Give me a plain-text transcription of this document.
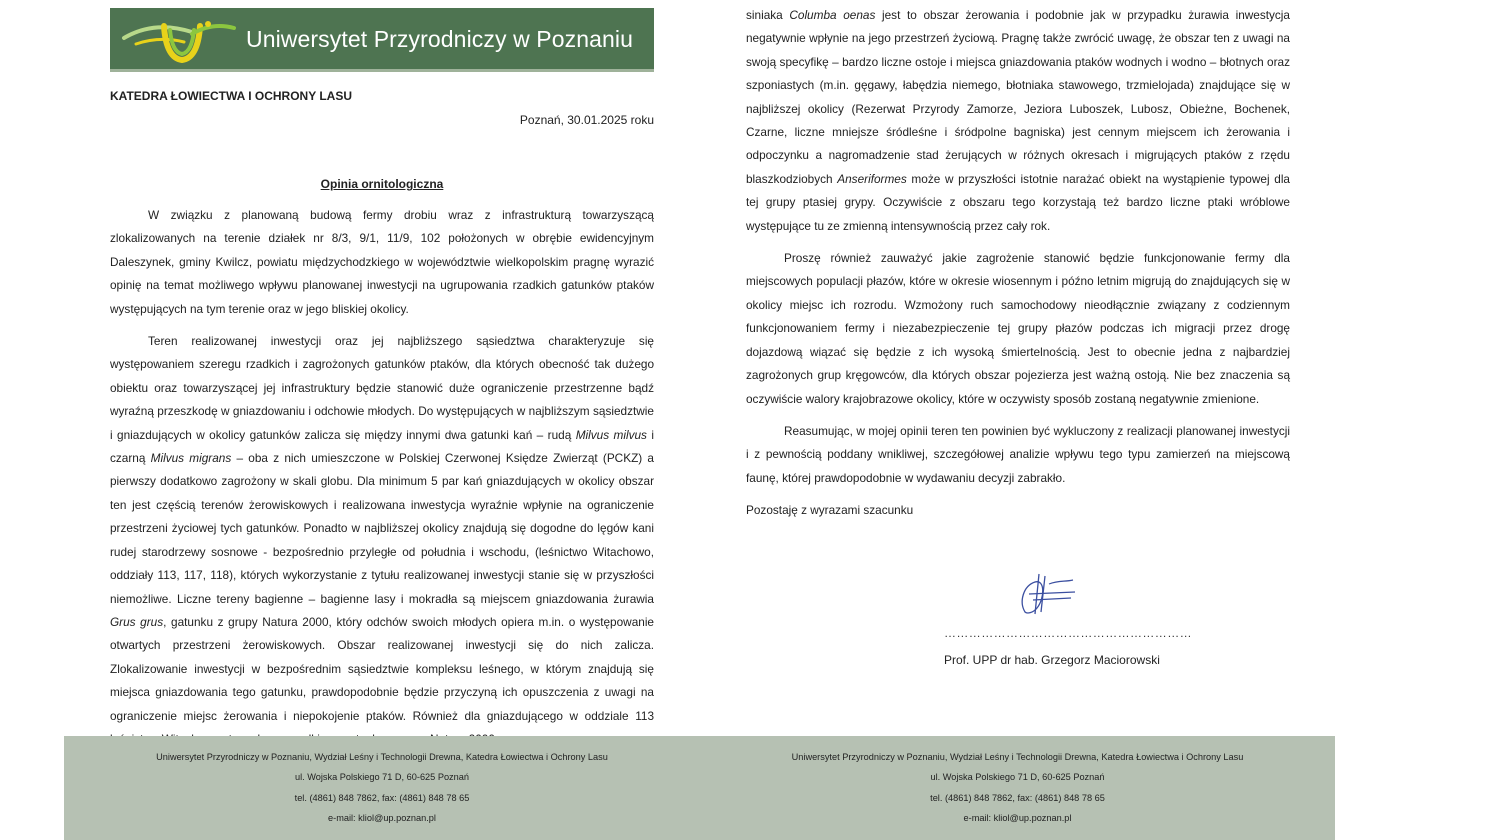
Uniwersytet Przyrodniczy w Poznaniu
KATEDRA ŁOWIECTWA I OCHRONY LASU
Poznań, 30.01.2025 roku
Opinia ornitologiczna

W związku z planowaną budową fermy drobiu wraz z infrastrukturą towarzyszącą zlokalizowanych na terenie działek nr 8/3, 9/1, 11/9, 102 położonych w obrębie ewidencyjnym Daleszynek, gminy Kwilcz, powiatu międzychodzkiego w województwie wielkopolskim pragnę wyrazić opinię na temat możliwego wpływu planowanej inwestycji na ugrupowania rzadkich gatunków ptaków występujących na tym terenie oraz w jego bliskiej okolicy.

Teren realizowanej inwestycji oraz jej najbliższego sąsiedztwa charakteryzuje się występowaniem szeregu rzadkich i zagrożonych gatunków ptaków, dla których obecność tak dużego obiektu oraz towarzyszącej jej infrastruktury będzie stanowić duże ograniczenie przestrzenne bądź wyraźną przeszkodę w gniazdowaniu i odchowie młodych. Do występujących w najbliższym sąsiedztwie i gniazdujących w okolicy gatunków zalicza się między innymi dwa gatunki kań – rudą Milvus milvus i czarną Milvus migrans – oba z nich umieszczone w Polskiej Czerwonej Księdze Zwierząt (PCKZ) a pierwszy dodatkowo zagrożony w skali globu. Dla minimum 5 par kań gniazdujących w okolicy obszar ten jest częścią terenów żerowiskowych i realizowana inwestycja wyraźnie wpłynie na ograniczenie przestrzeni życiowej tych gatunków. Ponadto w najbliższej okolicy znajdują się dogodne do lęgów kani rudej starodrzewy sosnowe - bezpośrednio przyległe od południa i wschodu, (leśnictwo Witachowo, oddziały 113, 117, 118), których wykorzystanie z tytułu realizowanej inwestycji stanie się w przyszłości niemożliwe. Liczne tereny bagienne – bagienne lasy i mokradła są miejscem gniazdowania żurawia Grus grus, gatunku z grupy Natura 2000, który odchów swoich młodych opiera m.in. o występowanie otwartych przestrzeni żerowiskowych. Obszar realizowanej inwestycji się do nich zalicza. Zlokalizowanie inwestycji w bezpośrednim sąsiedztwie kompleksu leśnego, w którym znajdują się miejsca gniazdowania tego gatunku, prawdopodobnie będzie przyczyną ich opuszczenia z uwagi na ograniczenie miejsc żerowania i niepokojenie ptaków. Również dla gniazdującego w oddziale 113

Uniwersytet Przyrodniczy w Poznaniu, Wydział Leśny i Technologii Drewna, Katedra Łowiectwa i Ochrony Lasu
ul. Wojska Polskiego 71 D, 60-625 Poznań
tel. (4861) 848 7862, fax: (4861) 848 78 65
e-mail: kliol@up.poznan.pl

siniaka Columba oenas jest to obszar żerowania i podobnie jak w przypadku żurawia inwestycja negatywnie wpłynie na jego przestrzeń życiową. Pragnę także zwrócić uwagę, że obszar ten z uwagi na swoją specyfikę – bardzo liczne ostoje i miejsca gniazdowania ptaków wodnych i wodno – błotnych oraz szponiastych (m.in. gęgawy, łabędzia niemego, błotniaka stawowego, trzmielojada) znajdujące się w najbliższej okolicy (Rezerwat Przyrody Zamorze, Jeziora Luboszek, Lubosz, Obieżne, Bochenek, Czarne, liczne mniejsze śródleśne i śródpolne bagniska) jest cennym miejscem ich żerowania i odpoczynku a nagromadzenie stad żerujących w różnych okresach i migrujących ptaków z rzędu blaszkodziobych Anseriformes może w przyszłości istotnie narażać obiekt na wystąpienie typowej dla tej grupy ptasiej grypy. Oczywiście z obszaru tego korzystają też bardzo liczne ptaki wróblowe występujące tu ze zmienną intensywnością przez cały rok.

Proszę również zauważyć jakie zagrożenie stanowić będzie funkcjonowanie fermy dla miejscowych populacji płazów, które w okresie wiosennym i późno letnim migrują do znajdujących się w okolicy miejsc ich rozrodu. Wzmożony ruch samochodowy nieodłącznie związany z codziennym funkcjonowaniem fermy i niezabezpieczenie tej grupy płazów podczas ich migracji przez drogę dojazdową wiązać się będzie z ich wysoką śmiertelnością. Jest to obecnie jedna z najbardziej zagrożonych grup kręgowców, dla których obszar pojezierza jest ważną ostoją. Nie bez znaczenia są oczywiście walory krajobrazowe okolicy, które w oczywisty sposób zostaną negatywnie zmienione.

Reasumując, w mojej opinii teren ten powinien być wykluczony z realizacji planowanej inwestycji i z pewnością poddany wnikliwej, szczegółowej analizie wpływu tego typu zamierzeń na miejscową faunę, której prawdopodobnie w wydawaniu decyzji zabrakło.

Pozostaję z wyrazami szacunku

……………………………………………………
Prof. UPP dr hab. Grzegorz Maciorowski
Uniwersytet Przyrodniczy w Poznaniu, Wydział Leśny i Technologii Drewna, Katedra Łowiectwa i Ochrony Lasu
ul. Wojska Polskiego 71 D, 60-625 Poznań
tel. (4861) 848 7862, fax: (4861) 848 78 65
e-mail: kliol@up.poznan.pl
